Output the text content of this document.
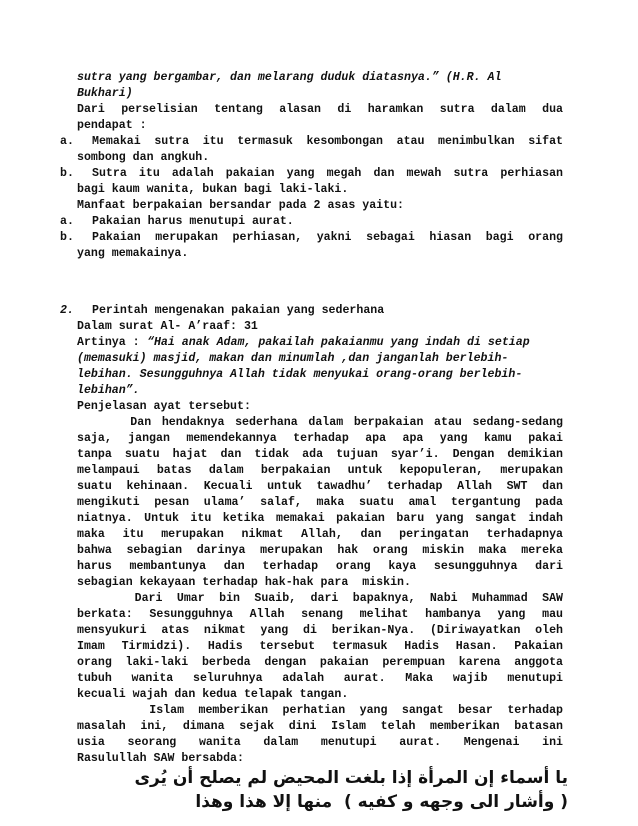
sutra yang bergambar, dan melarang duduk diatasnya.” (H.R. Al
Bukhari)
Dari perselisian tentang alasan di haramkan sutra dalam dua
pendapat :
a. Memakai sutra itu termasuk kesombongan atau menimbulkan sifat
sombong dan angkuh.
b. Sutra itu adalah pakaian yang megah dan mewah sutra perhiasan
bagi kaum wanita, bukan bagi laki-laki.
Manfaat berpakaian bersandar pada 2 asas yaitu:
a. Pakaian harus menutupi aurat.
b. Pakaian merupakan perhiasan, yakni sebagai hiasan bagi orang
yang memakainya.
2. Perintah mengenakan pakaian yang sederhana
Dalam surat Al- A’raaf: 31
Artinya : “Hai anak Adam, pakailah pakaianmu yang indah di setiap
(memasuki) masjid, makan dan minumlah ,dan janganlah berlebih-
lebihan. Sesungguhnya Allah tidak menyukai orang-orang berlebih-
lebihan”.
Penjelasan ayat tersebut:
Dan hendaknya sederhana dalam berpakaian atau sedang-sedang
saja, jangan memendekannya terhadap apa apa yang kamu pakai
tanpa suatu hajat dan tidak ada tujuan syar’i. Dengan demikian
melampaui batas dalam berpakaian untuk kepopuleran, merupakan
suatu kehinaan. Kecuali untuk tawadhu’ terhadap Allah SWT dan
mengikuti pesan ulama’ salaf, maka suatu amal tergantung pada
niatnya. Untuk itu ketika memakai pakaian baru yang sangat indah
maka itu merupakan nikmat Allah, dan peringatan terhadapnya
bahwa sebagian darinya merupakan hak orang miskin maka mereka
harus membantunya dan terhadap orang kaya sesungguhnya dari
sebagian kekayaan terhadap hak-hak para  miskin.
Dari Umar bin Suaib, dari bapaknya, Nabi Muhammad SAW
berkata: Sesungguhnya Allah senang melihat hambanya yang mau
mensyukuri atas nikmat yang di berikan-Nya. (Diriwayatkan oleh
Imam Tirmidzi). Hadis tersebut termasuk Hadis Hasan. Pakaian
orang laki-laki berbeda dengan pakaian perempuan karena anggota
tubuh wanita seluruhnya adalah aurat. Maka wajib menutupi
kecuali wajah dan kedua telapak tangan.
Islam memberikan perhatian yang sangat besar terhadap
masalah ini, dimana sejak dini Islam telah memberikan batasan
usia seorang wanita dalam menutupi aurat. Mengenai ini
Rasulullah SAW bersabda:
يا أسماء إن المرأة إذا بلغت المحيض لم يصلح أن يُرى
( وأشار الى وجهه و كفيه )  منها إلا هذا وهذا
